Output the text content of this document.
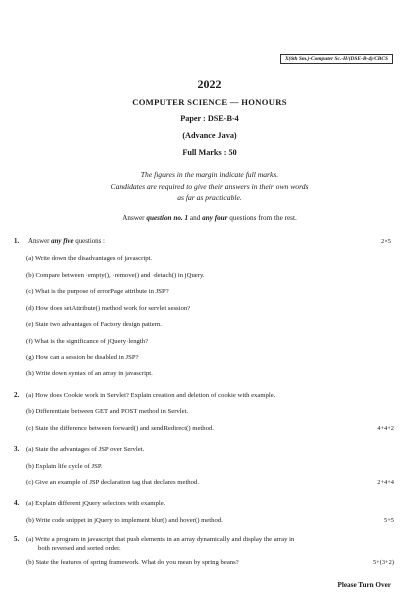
X(6th Sm.)-Computer Sc.-H/(DSE-B-4)/CBCS
2022
COMPUTER SCIENCE — HONOURS
Paper : DSE-B-4
(Advance Java)
Full Marks : 50
The figures in the margin indicate full marks.
Candidates are required to give their answers in their own words
as far as practicable.
Answer question no. 1 and any four questions from the rest.
1. Answer any five questions :	2×5
(a) Write down the disadvantages of javascript.
(b) Compare between ·empty(), ·remove() and ·detach() in jQuery.
(c) What is the purpose of errorPage attribute in JSP?
(d) How does setAttribute() method work for servlet session?
(e) State two advantages of Factory design pattern.
(f) What is the significance of jQuery·length?
(g) How can a session be disabled in JSP?
(h) Write down syntax of an array in javascript.
2. (a) How does Cookie work in Servlet? Explain creation and deletion of cookie with example.
(b) Differentiate between GET and POST method in Servlet.
(c) State the difference between forward() and sendRedirect() method.	4+4+2
3. (a) State the advantages of JSP over Servlet.
(b) Explain life cycle of JSP.
(c) Give an example of JSP declaration tag that declares method.	2+4+4
4. (a) Explain different jQuery selectors with example.
(b) Write code snippet in jQuery to implement blur() and hover() method.	5+5
5. (a) Write a program in javascript that push elements in an array dynamically and display the array in
both reversed and sorted order.
(b) State the features of spring framework. What do you mean by spring beans?	5+(3+2)
Please Turn Over
